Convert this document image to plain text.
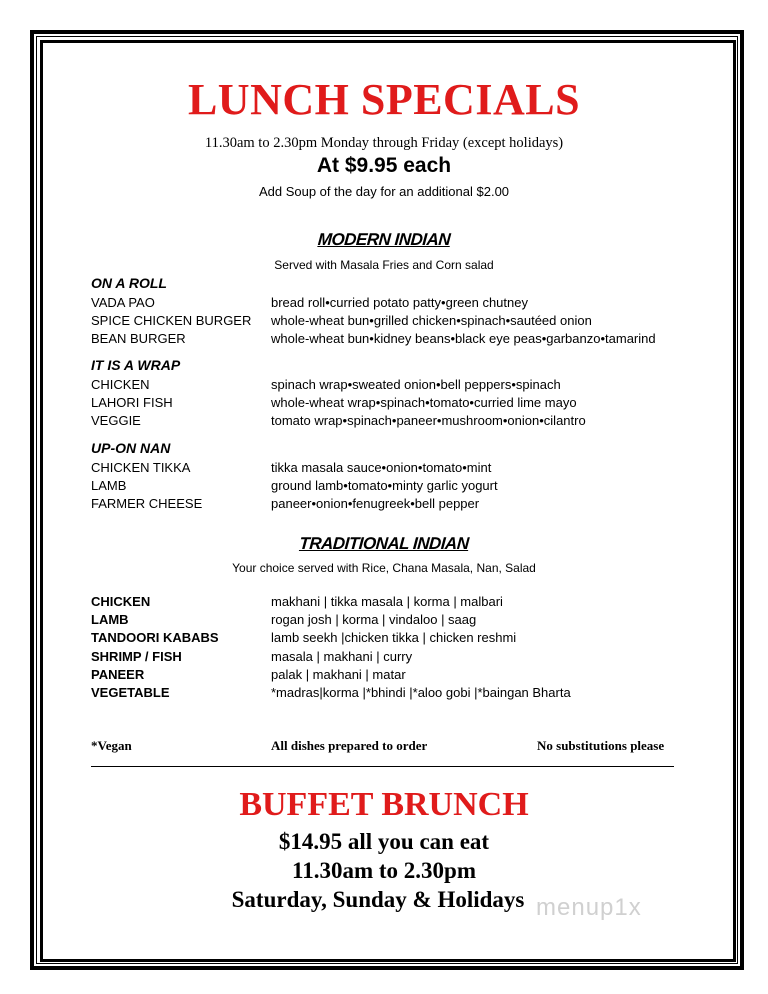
LUNCH SPECIALS
11.30am to 2.30pm Monday through Friday (except holidays)
At $9.95 each
Add Soup of the day for an additional $2.00
MODERN INDIAN
Served with Masala Fries and Corn salad
ON A ROLL
VADA PAO	bread roll•curried potato patty•green chutney
SPICE CHICKEN BURGER whole-wheat bun•grilled chicken•spinach•sautéed onion
BEAN BURGER	whole-wheat bun•kidney beans•black eye peas•garbanzo•tamarind
IT IS A WRAP
CHICKEN	spinach wrap•sweated onion•bell peppers•spinach
LAHORI FISH	whole-wheat wrap•spinach•tomato•curried lime mayo
VEGGIE	tomato wrap•spinach•paneer•mushroom•onion•cilantro
UP-ON NAN
CHICKEN TIKKA	tikka masala sauce•onion•tomato•mint
LAMB	ground lamb•tomato•minty garlic yogurt
FARMER CHEESE	paneer•onion•fenugreek•bell pepper
TRADITIONAL INDIAN
Your choice served with Rice, Chana Masala, Nan, Salad
CHICKEN	makhani | tikka masala | korma | malbari
LAMB	rogan josh | korma | vindaloo | saag
TANDOORI KABABS	lamb seekh |chicken tikka | chicken reshmi
SHRIMP / FISH	masala | makhani | curry
PANEER	palak | makhani | matar
VEGETABLE	*madras|korma |*bhindi |*aloo gobi |*baingan Bharta
*Vegan	All dishes prepared to order	No substitutions please
BUFFET BRUNCH
$14.95 all you can eat
11.30am to 2.30pm
Saturday, Sunday & Holidays menup1x
